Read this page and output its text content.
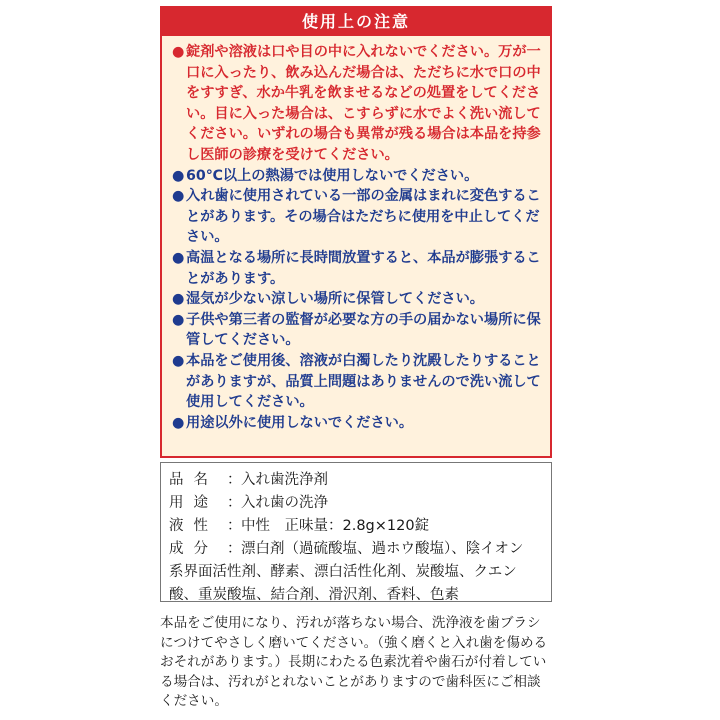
使用上の注意
● 錠剤や溶液は口や目の中に入れないでください。万が一口に入ったり、飲み込んだ場合は、ただちに水で口の中をすすぎ、水か牛乳を飲ませるなどの処置をしてください。目に入った場合は、こすらずに水でよく洗い流してください。いずれの場合も異常が残る場合は本品を持参し医師の診療を受けてください。
● 60℃以上の熱湯では使用しないでください。
● 入れ歯に使用されている一部の金属はまれに変色することがあります。その場合はただちに使用を中止してください。
● 高温となる場所に長時間放置すると、本品が膨張することがあります。
● 湿気が少ない涼しい場所に保管してください。
● 子供や第三者の監督が必要な方の手の届かない場所に保管してください。
● 本品をご使用後、溶液が白濁したり沈殿したりすることがありますが、品質上問題はありませんので洗い流して使用してください。
● 用途以外に使用しないでください。
品名 ：入れ歯洗浄剤
用途 ：入れ歯の洗浄
液性 ：中性　正味量：2.8g×120錠
成分 ：漂白剤（過硫酸塩、過ホウ酸塩）、陰イオン
系界面活性剤、酵素、漂白活性化剤、炭酸塩、クエン酸、重炭酸塩、結合剤、滑沢剤、香料、色素
本品をご使用になり、汚れが落ちない場合、洗浄液を歯ブラシにつけてやさしく磨いてください。（強く磨くと入れ歯を傷めるおそれがあります。）長期にわたる色素沈着や歯石が付着している場合は、汚れがとれないことがありますので歯科医にご相談ください。
